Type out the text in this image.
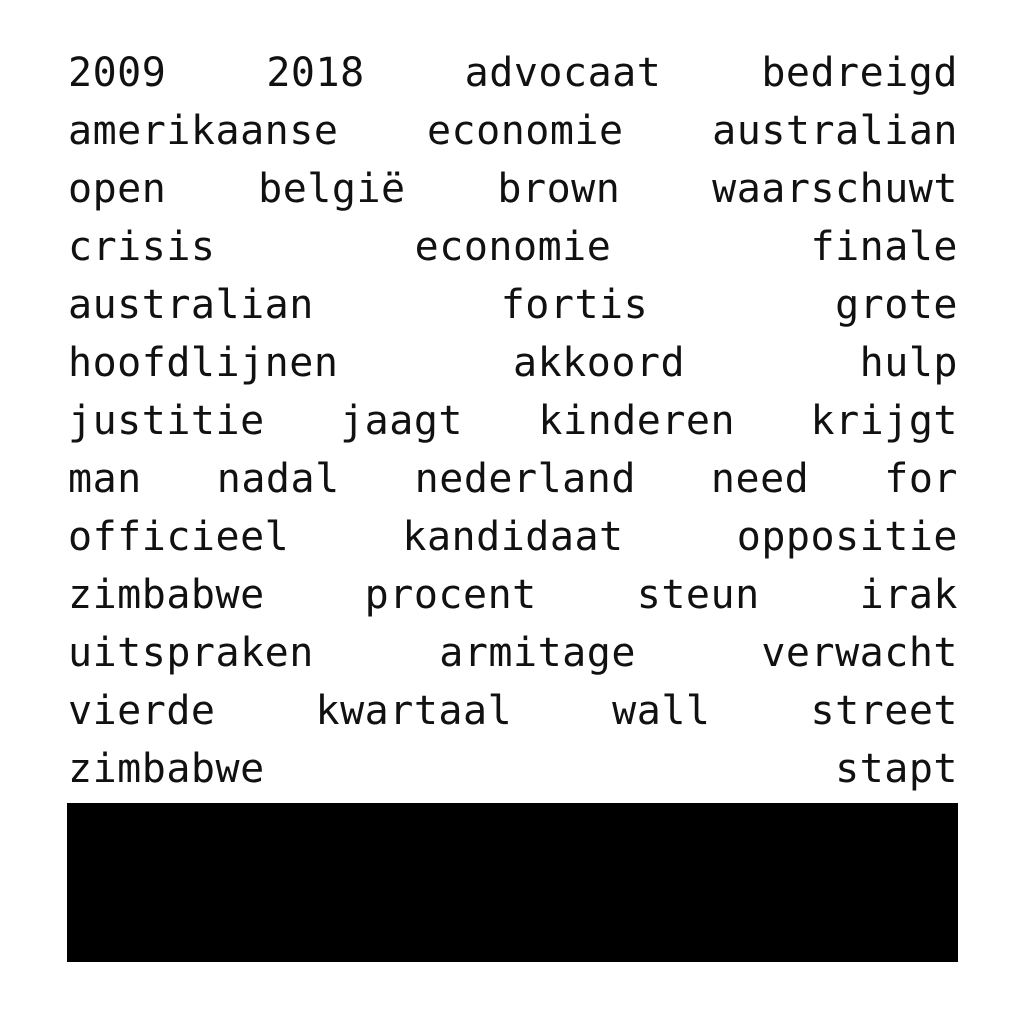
2009	2018	advocaat	bedreigd
amerikaanse economie australian
open belgië brown waarschuwt
crisis	economie	finale
australian	fortis	grote
hoofdlijnen	akkoord	hulp
justitie jaagt kinderen krijgt
man nadal nederland need for
officieel	kandidaat	oppositie
zimbabwe	procent	steun	irak
uitspraken	armitage	verwacht
vierde	kwartaal	wall	street
zimbabwe	stapt
